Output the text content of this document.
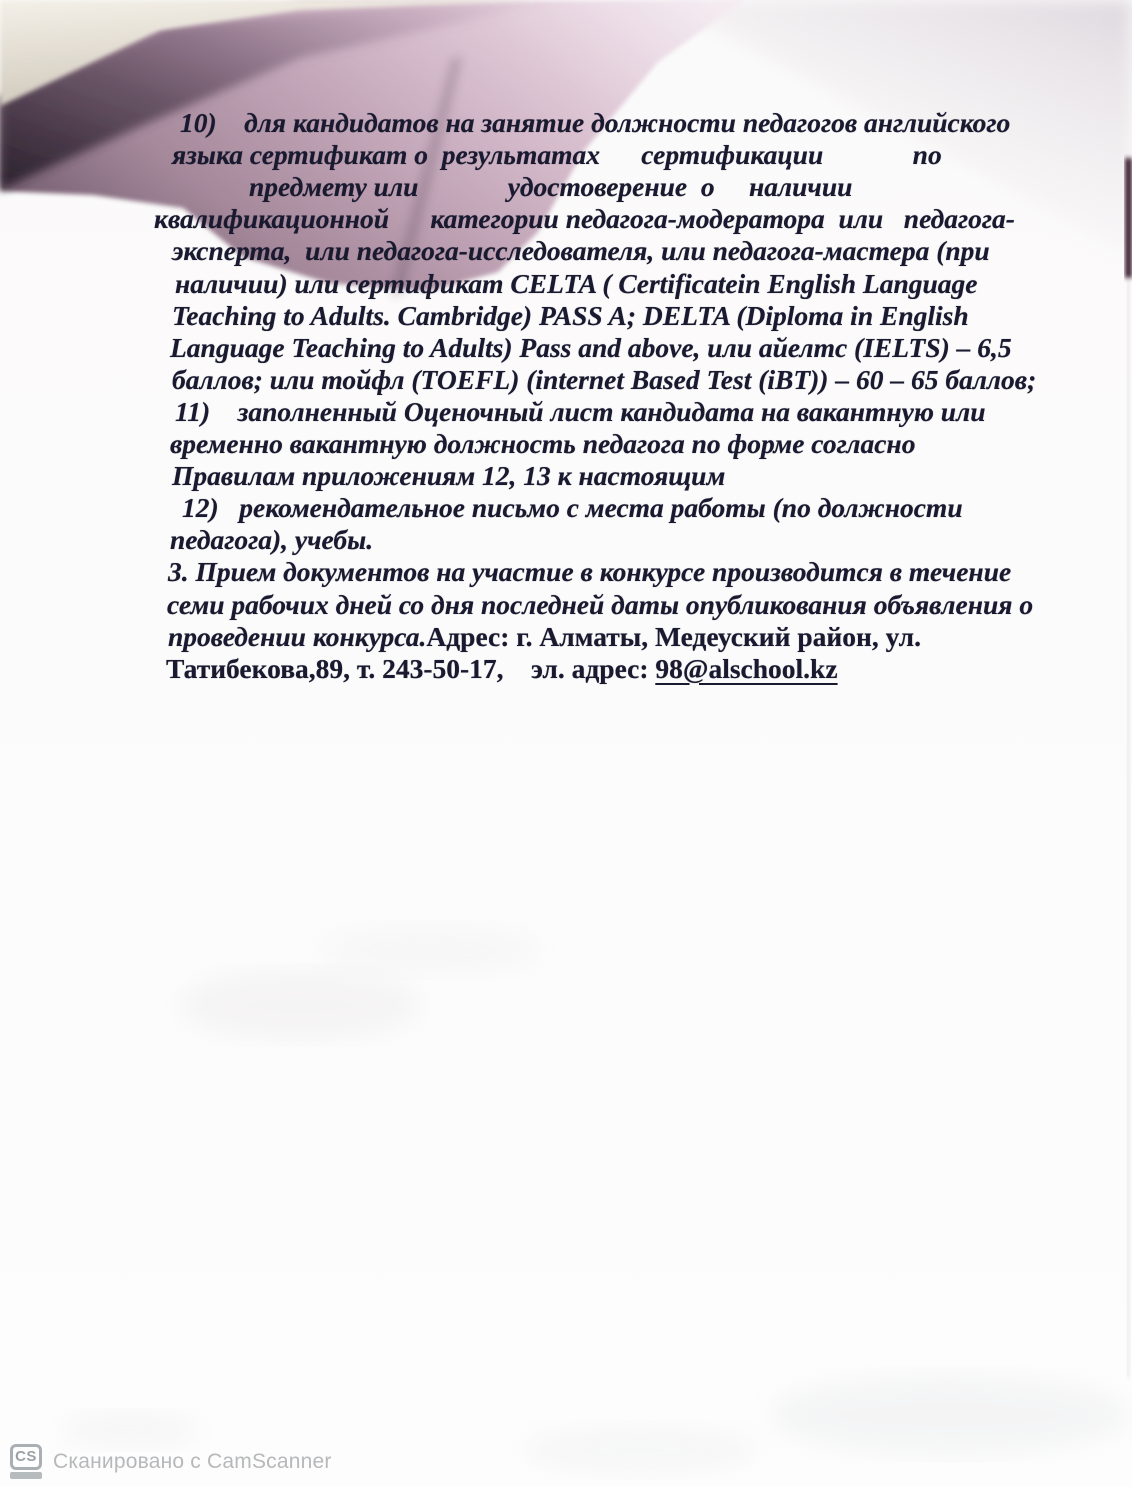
10)    для кандидатов на занятие должности педагогов английского
языка сертификат о  результатах      сертификации             по
предмету или             удостоверение  о     наличии
квалификационной      категории педагога-модератора  или   педагога-
эксперта,  или педагога-исследователя, или педагога-мастера (при
наличии) или сертификат CELTA ( Certificatein English Language
Teaching to Adults. Cambridge) PASS A; DELTA (Diploma in English
Language Teaching to Adults) Pass and above, или айелтс (IELTS) – 6,5
баллов; или тойфл (TOEFL) (internet Based Test (iBT)) – 60 – 65 баллов;
11)    заполненный Оценочный лист кандидата на вакантную или
временно вакантную должность педагога по форме согласно
Правилам приложениям 12, 13 к настоящим
12)   рекомендательное письмо с места работы (по должности
педагога), учебы.
3. Прием документов на участие в конкурсе производится в течение
семи рабочих дней со дня последней даты опубликования объявления о
проведении конкурса.Адрес: г. Алматы, Медеуский район, ул.
Татибекова,89, т. 243-50-17,    эл. адрес: 98@alschool.kz
CS Сканировано с CamScanner
